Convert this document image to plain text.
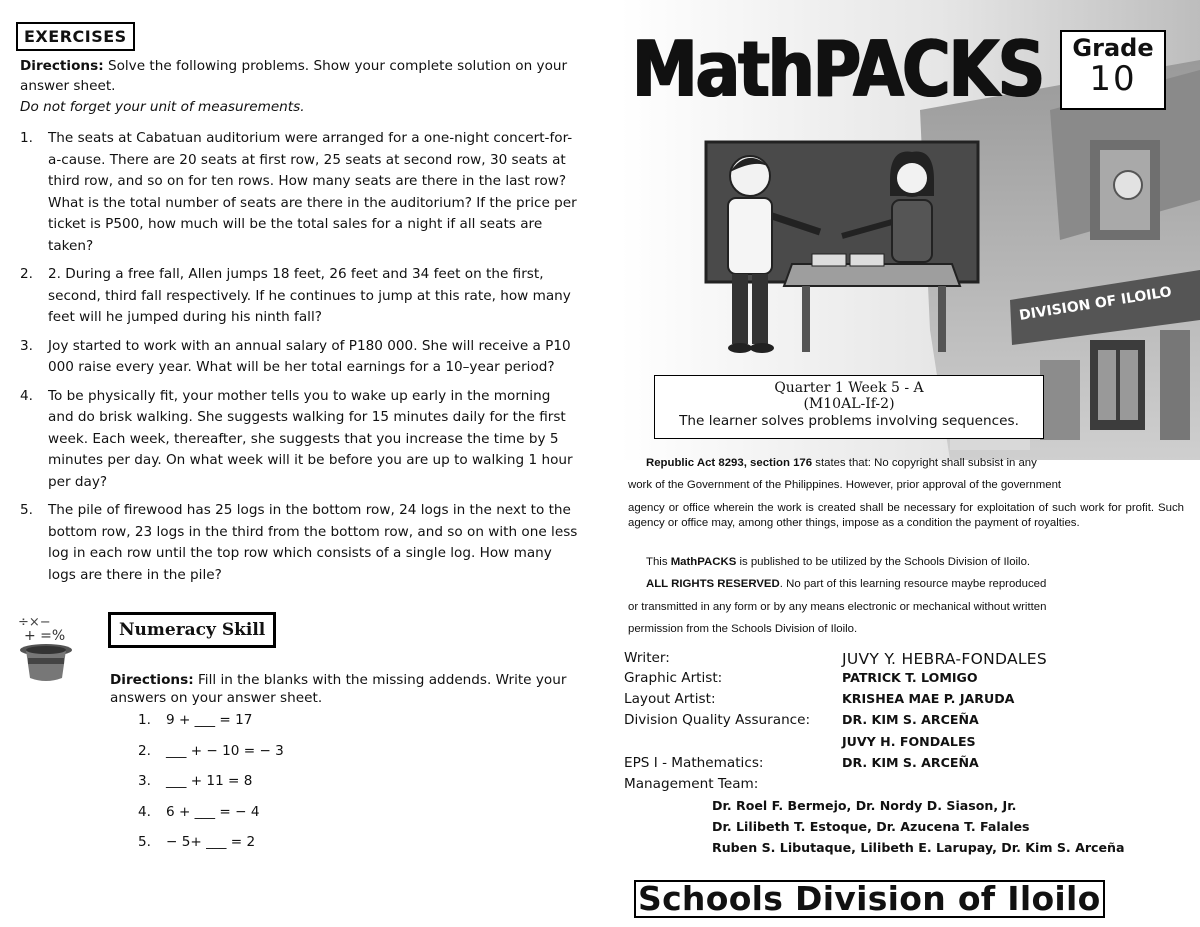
EXERCISES
Directions: Solve the following problems. Show your complete solution on your answer sheet.
Do not forget your unit of measurements.
1. The seats at Cabatuan auditorium were arranged for a one-night concert-for-a-cause. There are 20 seats at first row, 25 seats at second row, 30 seats at third row, and so on for ten rows. How many seats are there in the last row? What is the total number of seats are there in the auditorium? If the price per ticket is P500, how much will be the total sales for a night if all seats are taken?
2. 2. During a free fall, Allen jumps 18 feet, 26 feet and 34 feet on the first, second, third fall respectively. If he continues to jump at this rate, how many feet will he jumped during his ninth fall?
3. Joy started to work with an annual salary of P180 000. She will receive a P10 000 raise every year. What will be her total earnings for a 10–year period?
4. To be physically fit, your mother tells you to wake up early in the morning and do brisk walking. She suggests walking for 15 minutes daily for the first week. Each week, thereafter, she suggests that you increase the time by 5 minutes per day. On what week will it be before you are up to walking 1 hour per day?
5. The pile of firewood has 25 logs in the bottom row, 24 logs in the next to the bottom row, 23 logs in the third from the bottom row, and so on with one less log in each row until the top row which consists of a single log. How many logs are there in the pile?
÷×−
+ =%	Numeracy Skill
Directions: Fill in the blanks with the missing addends. Write your answers on your answer sheet.
1. 9 + ___ = 17
2. ___ + − 10 = − 3
3. ___ + 11 = 8
4. 6 + ___ = − 4
5. − 5+ ___ = 2
DIVISION OF ILOILO
MathPACKS	Grade
10
Quarter 1 Week 5 - A
(M10AL-If-2)
The learner solves problems involving sequences.
Republic Act 8293, section 176 states that: No copyright shall subsist in any
work of the Government of the Philippines. However, prior approval of the government
agency or office wherein the work is created shall be necessary for exploitation of such work for profit. Such agency or office may, among other things, impose as a condition the payment of royalties.
This MathPACKS is published to be utilized by the Schools Division of Iloilo.
ALL RIGHTS RESERVED. No part of this learning resource maybe reproduced
or transmitted in any form or by any means electronic or mechanical without written
permission from the Schools Division of Iloilo.
Writer:	JUVY Y. HEBRA-FONDALES
Graphic Artist:	PATRICK T. LOMIGO
Layout Artist:	KRISHEA MAE P. JARUDA
Division Quality Assurance:	DR. KIM S. ARCEÑA
JUVY H. FONDALES
EPS I - Mathematics:	DR. KIM S. ARCEÑA
Management Team:
Dr. Roel F. Bermejo, Dr. Nordy D. Siason, Jr.
Dr. Lilibeth T. Estoque, Dr. Azucena T. Falales
Ruben S. Libutaque, Lilibeth E. Larupay, Dr. Kim S. Arceña
Schools Division of Iloilo
